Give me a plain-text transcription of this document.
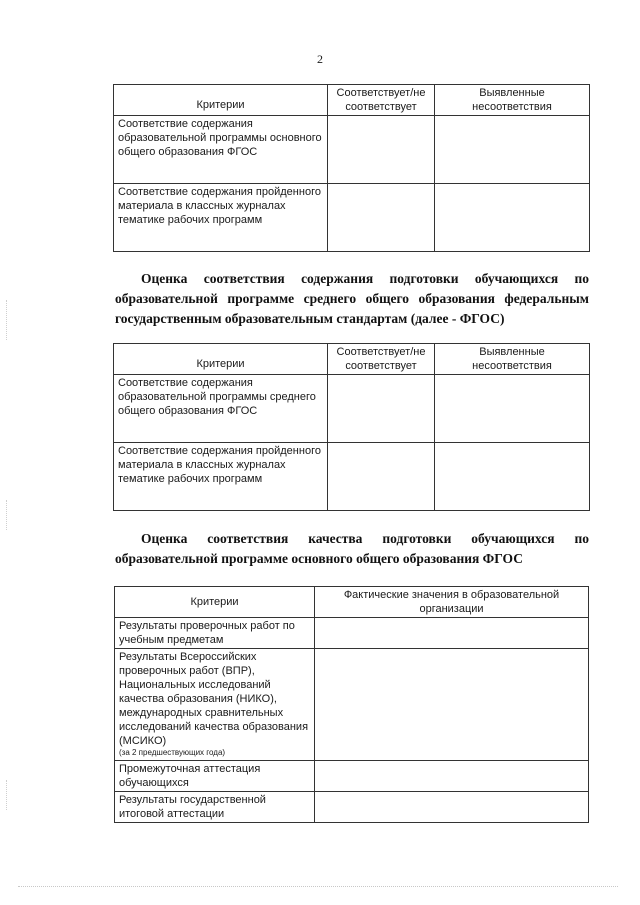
2
Критерии	Соответствует/не соответствует	Выявленные несоответствия
Соответствие содержания образовательной программы основного общего образования ФГОС		
Соответствие содержания пройденного материала в классных журналах тематике рабочих программ		

Оценка соответствия содержания подготовки обучающихся по

образовательной программе среднего общего образования федеральным

государственным образовательным стандартам (далее - ФГОС)

Критерии	Соответствует/не соответствует	Выявленные несоответствия
Соответствие содержания образовательной программы среднего общего образования ФГОС		
Соответствие содержания пройденного материала в классных журналах тематике рабочих программ		

Оценка соответствия качества подготовки обучающихся по

образовательной программе основного общего образования ФГОС

Критерии	Фактические значения в образовательной организации
Результаты проверочных работ по учебным предметам	
Результаты Всероссийских проверочных работ (ВПР), Национальных исследований качества образования (НИКО), международных сравнительных исследований качества образования (МСИКО)
(за 2 предшествующих года)	

Промежуточная аттестация обучающихся	
Результаты государственной итоговой аттестации	
